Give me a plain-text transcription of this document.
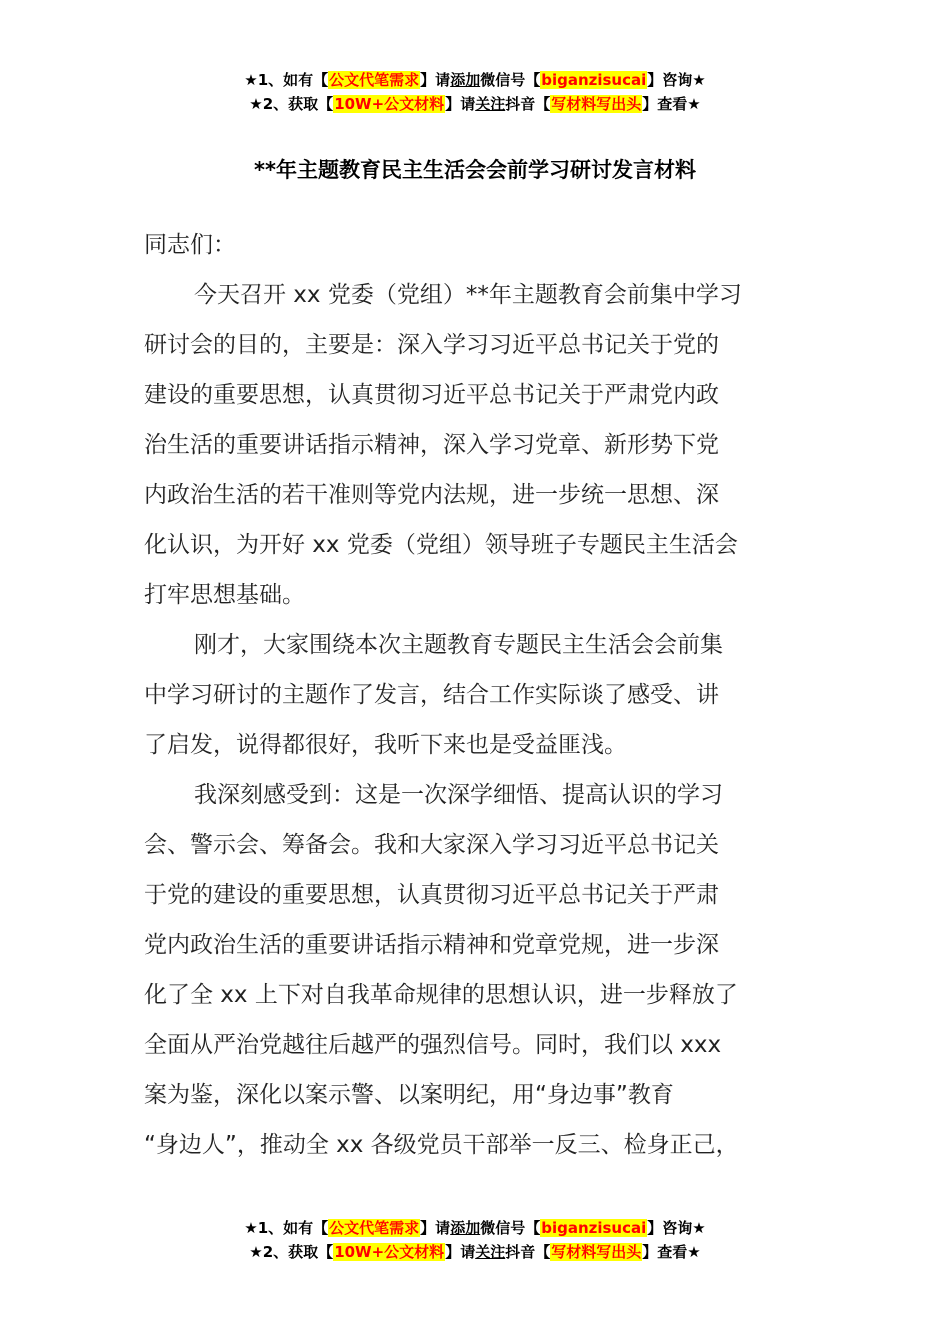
★1、如有【公文代笔需求】请添加微信号【biganzisucai】咨询★
★2、获取【10W+公文材料】请关注抖音【写材料写出头】查看★
**年主题教育民主生活会会前学习研讨发言材料
同志们：
今天召开 xx 党委（党组）**年主题教育会前集中学习
研讨会的目的，主要是：深入学习习近平总书记关于党的
建设的重要思想，认真贯彻习近平总书记关于严肃党内政
治生活的重要讲话指示精神，深入学习党章、新形势下党
内政治生活的若干准则等党内法规，进一步统一思想、深
化认识，为开好 xx 党委（党组）领导班子专题民主生活会
打牢思想基础。
刚才，大家围绕本次主题教育专题民主生活会会前集
中学习研讨的主题作了发言，结合工作实际谈了感受、讲
了启发，说得都很好，我听下来也是受益匪浅。
我深刻感受到：这是一次深学细悟、提高认识的学习
会、警示会、筹备会。我和大家深入学习习近平总书记关
于党的建设的重要思想，认真贯彻习近平总书记关于严肃
党内政治生活的重要讲话指示精神和党章党规，进一步深
化了全 xx 上下对自我革命规律的思想认识，进一步释放了
全面从严治党越往后越严的强烈信号。同时，我们以 xxx
案为鉴，深化以案示警、以案明纪，用“身边事”教育
“身边人”，推动全 xx 各级党员干部举一反三、检身正己，
★1、如有【公文代笔需求】请添加微信号【biganzisucai】咨询★
★2、获取【10W+公文材料】请关注抖音【写材料写出头】查看★
